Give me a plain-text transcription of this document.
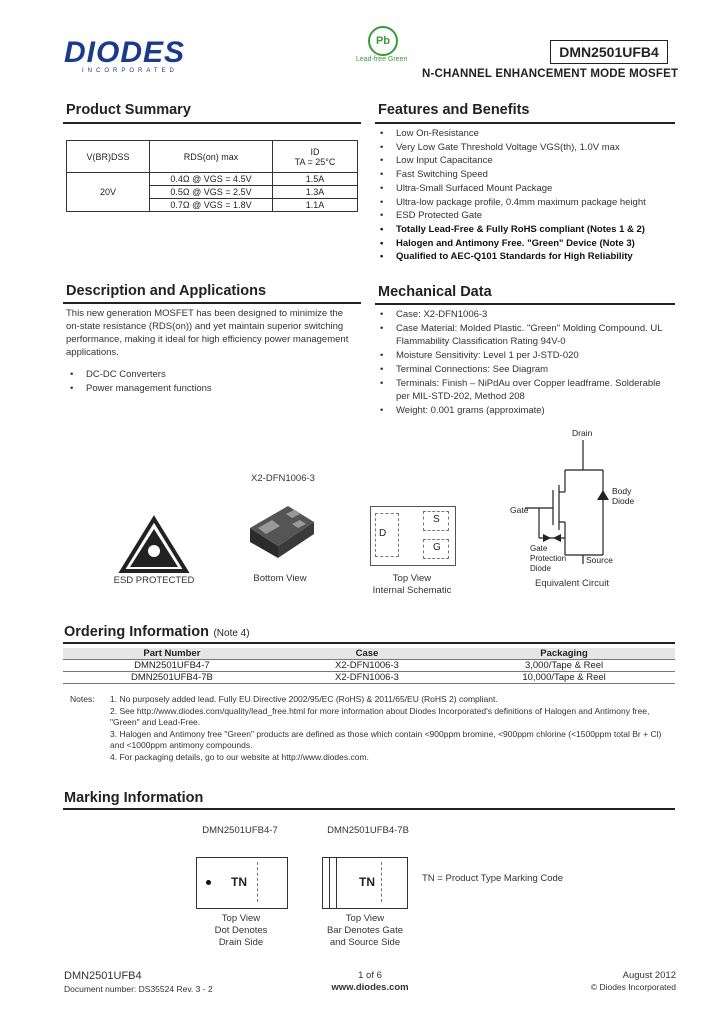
DIODES
INCORPORATED
Pb
Lead-free Green	DMN2501UFB4
N-CHANNEL ENHANCEMENT MODE MOSFET
Product Summary
V(BR)DSS	RDS(on) max	ID
TA = 25°C

20V	0.4Ω @ VGS = 4.5V	1.5A
	0.5Ω @ VGS = 2.5V	1.3A
	0.7Ω @ VGS = 1.8V	1.1A
Features and Benefits
• Low On-Resistance
• Very Low Gate Threshold Voltage VGS(th), 1.0V max
• Low Input Capacitance
• Fast Switching Speed
• Ultra-Small Surfaced Mount Package
• Ultra-low package profile, 0.4mm maximum package height
• ESD Protected Gate
• Totally Lead-Free & Fully RoHS compliant (Notes 1 & 2)
• Halogen and Antimony Free. "Green" Device (Note 3)
• Qualified to AEC-Q101 Standards for High Reliability
Description and Applications
This new generation MOSFET has been designed to minimize the on-state resistance (RDS(on)) and yet maintain superior switching performance, making it ideal for high efficiency power management applications.
• DC-DC Converters
• Power management functions
Mechanical Data
• Case: X2-DFN1006-3
• Case Material: Molded Plastic. "Green" Molding Compound. UL Flammability Classification Rating 94V-0
• Moisture Sensitivity: Level 1 per J-STD-020
• Terminal Connections: See Diagram
• Terminals: Finish – NiPdAu over Copper leadframe. Solderable per MIL-STD-202, Method 208
• Weight: 0.001 grams (approximate)
X2-DFN1006-3
ESD PROTECTED	Bottom View
D
S
G
Top View
Internal Schematic
Drain
Gate
Source
Body Diode
Gate Protection Diode
Equivalent Circuit
Ordering Information (Note 4)
Part Number	Case	Packaging
DMN2501UFB4-7	X2-DFN1006-3	3,000/Tape & Reel
DMN2501UFB4-7B	X2-DFN1006-3	10,000/Tape & Reel
Notes: 1. No purposely added lead. Fully EU Directive 2002/95/EC (RoHS) & 2011/65/EU (RoHS 2) compliant.
2. See http://www.diodes.com/quality/lead_free.html for more information about Diodes Incorporated's definitions of Halogen and Antimony free, "Green" and Lead-Free.
3. Halogen and Antimony free "Green" products are defined as those which contain <900ppm bromine, <900ppm chlorine (<1500ppm total Br + Cl) and <1000ppm antimony compounds.
4. For packaging details, go to our website at http://www.diodes.com.
Marking Information
DMN2501UFB4-7	DMN2501UFB4-7B
TN	TN	TN = Product Type Marking Code
Top View
Dot Denotes
Drain Side
Top View
Bar Denotes Gate
and Source Side
DMN2501UFB4
Document number: DS35524 Rev. 3 - 2
1 of 6
www.diodes.com
August 2012
© Diodes Incorporated
